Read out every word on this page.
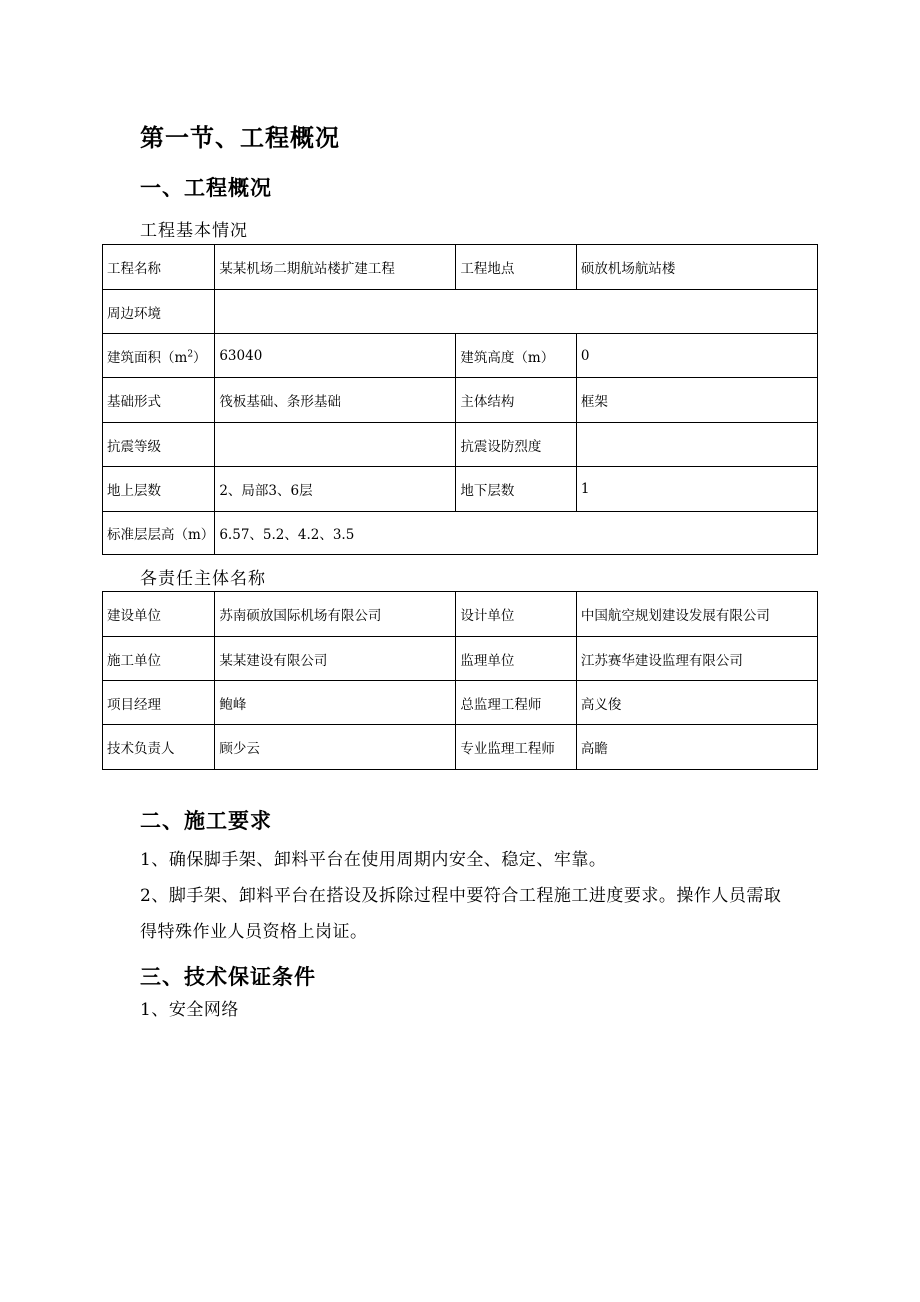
第一节、工程概况
一、工程概况
工程基本情况
工程名称	某某机场二期航站楼扩建工程	工程地点	硕放机场航站楼
周边环境			
建筑面积$(m^2)$	63040	建筑高度（m）	0
基础形式	筏板基础、条形基础	主体结构	框架
抗震等级		抗震设防烈度	
地上层数	2、局部3、6层	地下层数	1
标准层层高（m）	6.57、5.2、4.2、3.5		
各责任主体名称
建设单位	苏南硕放国际机场有限公司	设计单位	中国航空规划建设发展有限公司
施工单位	某某建设有限公司	监理单位	江苏赛华建设监理有限公司
项目经理	鲍峰	总监理工程师	高义俊
技术负责人	顾少云	专业监理工程师	高瞻
二、施工要求
1、确保脚手架、卸料平台在使用周期内安全、稳定、牢靠。
2、脚手架、卸料平台在搭设及拆除过程中要符合工程施工进度要求。操作人员需取得特殊作业人员资格上岗证。
三、技术保证条件
1、安全网络
